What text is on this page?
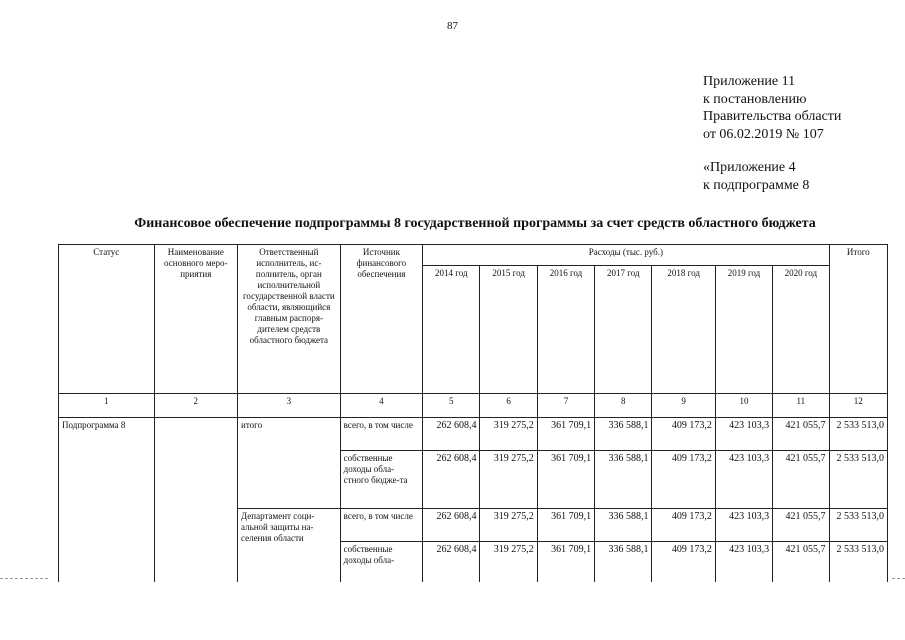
87
Приложение 11
к постановлению
Правительства области
от 06.02.2019 № 107
«Приложение 4
к подпрограмме 8
Финансовое обеспечение подпрограммы 8 государственной программы за счет средств областного бюджета
Статус	Наименование основного меро-приятия	Ответственный исполнитель, ис-полнитель, орган исполнительной государственной власти области, являющийся главным распоря-дителем средств областного бюджета	Источник финансового обеспечения	Расходы (тыс. руб.)							Итого
				2014 год	2015 год	2016 год	2017 год	2018 год	2019 год	2020 год	
1	2	3	4	5	6	7	8	9	10	11	12
Подпрограмма 8		итого	всего, в том числе	262 608,4	319 275,2	361 709,1	336 588,1	409 173,2	423 103,3	421 055,7	2 533 513,0
			собственные доходы обла-стного бюдже-та	262 608,4	319 275,2	361 709,1	336 588,1	409 173,2	423 103,3	421 055,7	2 533 513,0
		Департамент соци-альной защиты на-селения области	всего, в том числе	262 608,4	319 275,2	361 709,1	336 588,1	409 173,2	423 103,3	421 055,7	2 533 513,0
			собственные доходы обла-	262 608,4	319 275,2	361 709,1	336 588,1	409 173,2	423 103,3	421 055,7	2 533 513,0
